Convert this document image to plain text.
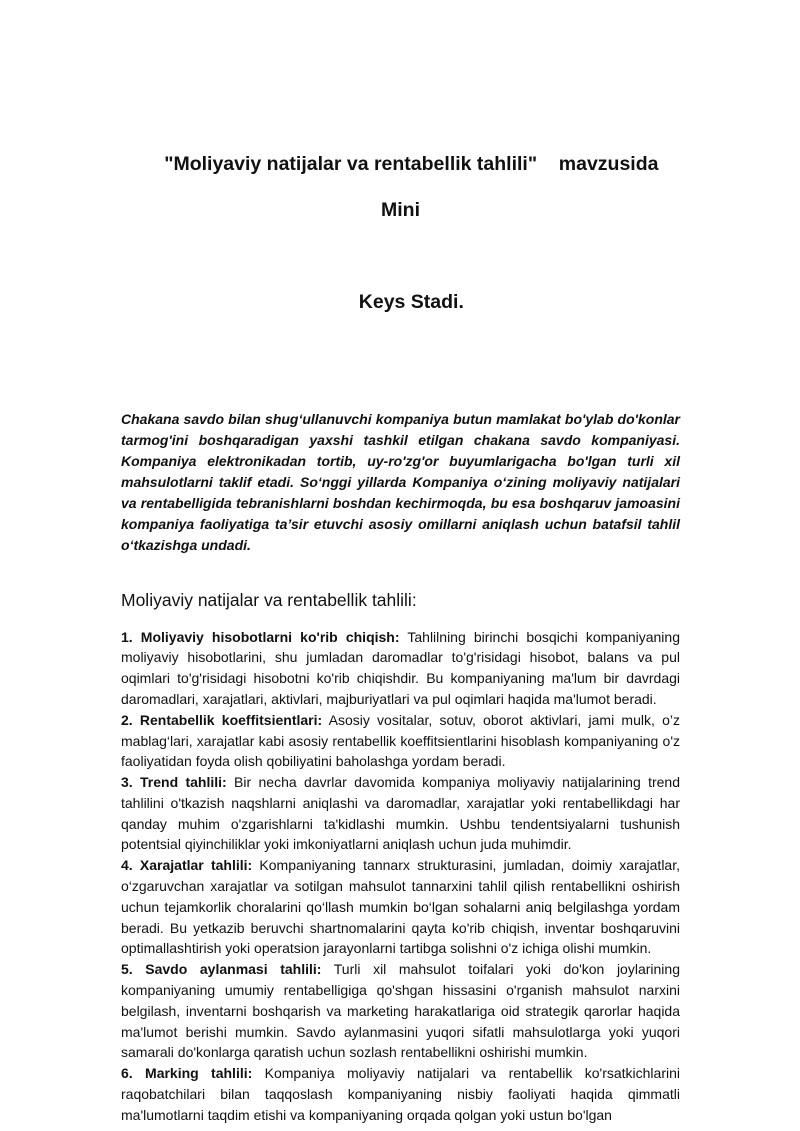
"Moliyaviy natijalar va rentabellik tahlili"    mavzusida Mini

Keys Stadi.

Chakana savdo bilan shug‘ullanuvchi kompaniya butun mamlakat bo'ylab do'konlar tarmog'ini boshqaradigan yaxshi tashkil etilgan chakana savdo kompaniyasi. Kompaniya elektronikadan tortib, uy-ro'zg'or buyumlarigacha bo'lgan turli xil mahsulotlarni taklif etadi. So‘nggi yillarda Kompaniya o‘zining moliyaviy natijalari va rentabelligida tebranishlarni boshdan kechirmoqda, bu esa boshqaruv jamoasini kompaniya faoliyatiga ta’sir etuvchi asosiy omillarni aniqlash uchun batafsil tahlil o‘tkazishga undadi.

Moliyaviy natijalar va rentabellik tahlili:

1. Moliyaviy hisobotlarni ko'rib chiqish: Tahlilning birinchi bosqichi kompaniyaning moliyaviy hisobotlarini, shu jumladan daromadlar to'g'risidagi hisobot, balans va pul oqimlari to'g'risidagi hisobotni ko'rib chiqishdir. Bu kompaniyaning ma'lum bir davrdagi daromadlari, xarajatlari, aktivlari, majburiyatlari va pul oqimlari haqida ma'lumot beradi.

2. Rentabellik koeffitsientlari: Asosiy vositalar, sotuv, oborot aktivlari, jami mulk, o’z mablag‘lari, xarajatlar kabi asosiy rentabellik koeffitsientlarini hisoblash kompaniyaning o'z faoliyatidan foyda olish qobiliyatini baholashga yordam beradi.

3. Trend tahlili: Bir necha davrlar davomida kompaniya moliyaviy natijalarining trend tahlilini o'tkazish naqshlarni aniqlashi va daromadlar, xarajatlar yoki rentabellikdagi har qanday muhim o'zgarishlarni ta'kidlashi mumkin. Ushbu tendentsiyalarni tushunish potentsial qiyinchiliklar yoki imkoniyatlarni aniqlash uchun juda muhimdir.

4. Xarajatlar tahlili: Kompaniyaning tannarx strukturasini, jumladan, doimiy xarajatlar, o‘zgaruvchan xarajatlar va sotilgan mahsulot tannarxini tahlil qilish rentabellikni oshirish uchun tejamkorlik choralarini qo‘llash mumkin bo‘lgan sohalarni aniq belgilashga yordam beradi. Bu yetkazib beruvchi shartnomalarini qayta ko'rib chiqish, inventar boshqaruvini optimallashtirish yoki operatsion jarayonlarni tartibga solishni o'z ichiga olishi mumkin.

5. Savdo aylanmasi tahlili: Turli xil mahsulot toifalari yoki do'kon joylarining kompaniyaning umumiy rentabelligiga qo'shgan hissasini o'rganish mahsulot narxini belgilash, inventarni boshqarish va marketing harakatlariga oid strategik qarorlar haqida ma'lumot berishi mumkin. Savdo aylanmasini yuqori sifatli mahsulotlarga yoki yuqori samarali do'konlarga qaratish uchun sozlash rentabellikni oshirishi mumkin.

6. Marking tahlili: Kompaniya moliyaviy natijalari va rentabellik ko'rsatkichlarini raqobatchilari bilan taqqoslash kompaniyaning nisbiy faoliyati haqida qimmatli ma'lumotlarni taqdim etishi va kompaniyaning orqada qolgan yoki ustun bo'lgan
